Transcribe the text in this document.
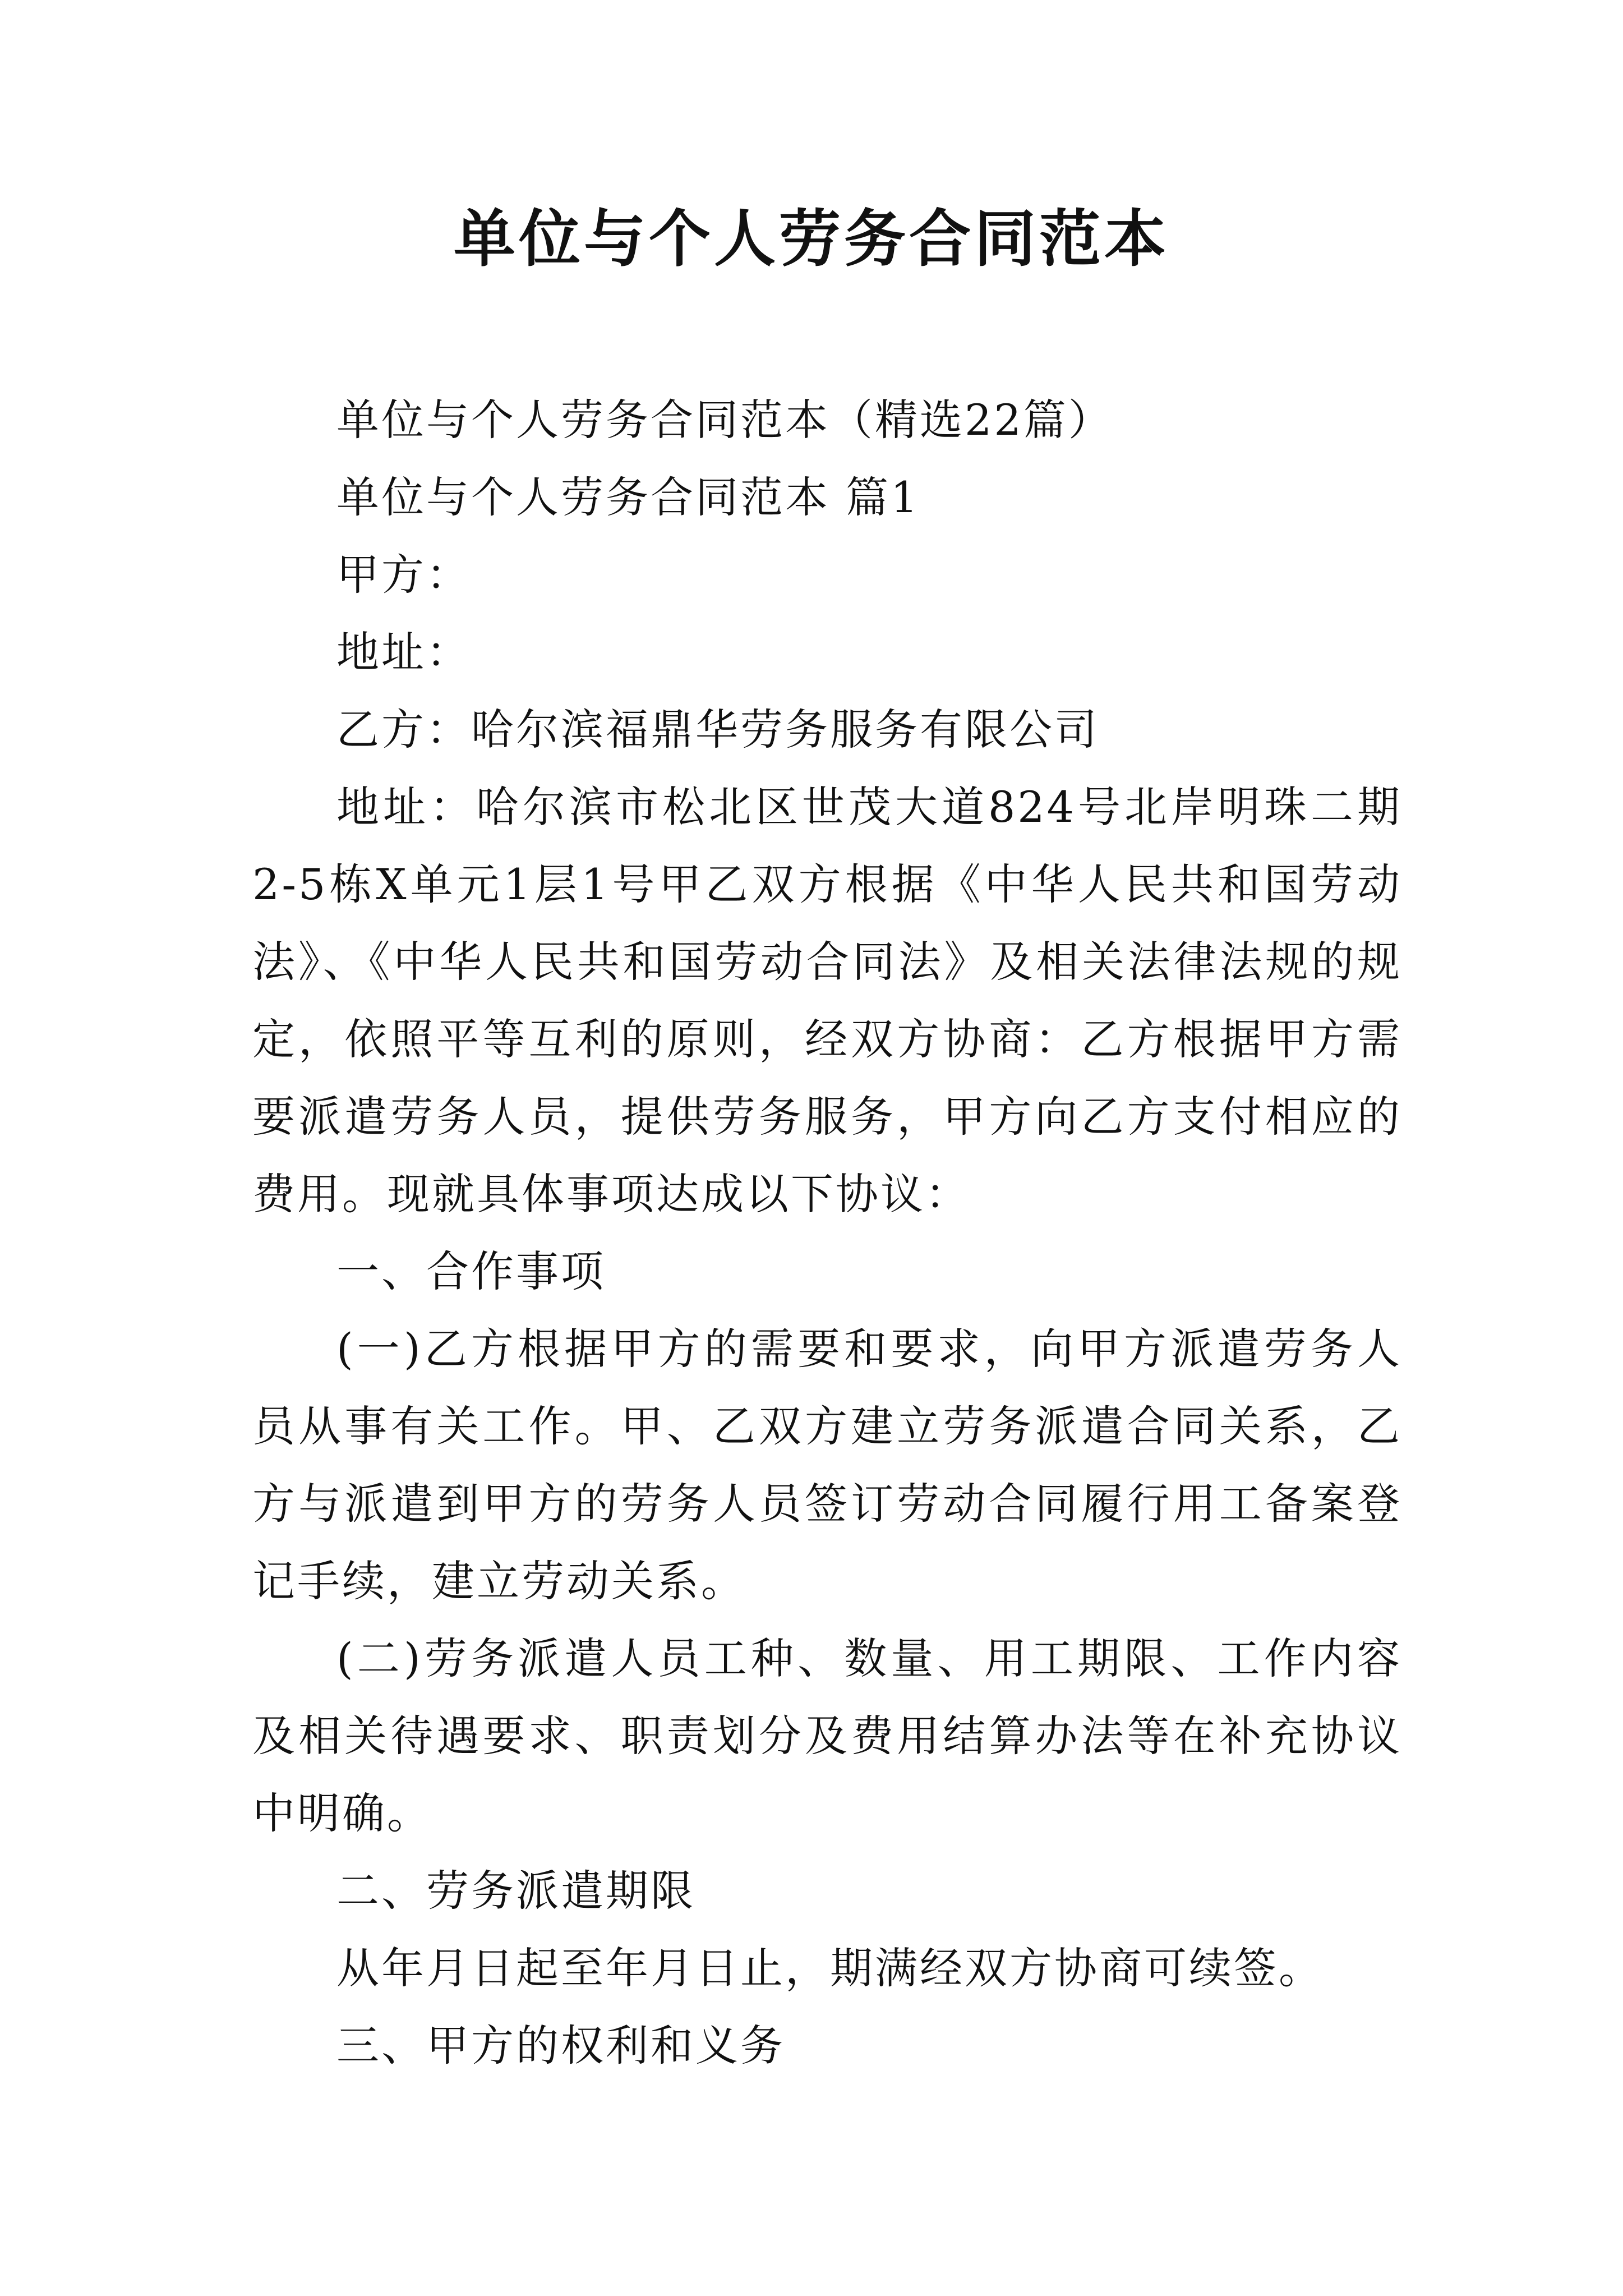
单位与个人劳务合同范本

单位与个人劳务合同范本（精选22篇）

单位与个人劳务合同范本 篇1

甲方：

地址：

乙方：哈尔滨福鼎华劳务服务有限公司

地址：哈尔滨市松北区世茂大道824号北岸明珠二期2-5栋X单元1层1号甲乙双方根据《中华人民共和国劳动法》、《中华人民共和国劳动合同法》及相关法律法规的规定，依照平等互利的原则，经双方协商：乙方根据甲方需要派遣劳务人员，提供劳务服务，甲方向乙方支付相应的费用。现就具体事项达成以下协议：

一、合作事项

(一)乙方根据甲方的需要和要求，向甲方派遣劳务人员从事有关工作。甲、乙双方建立劳务派遣合同关系，乙方与派遣到甲方的劳务人员签订劳动合同履行用工备案登记手续，建立劳动关系。

(二)劳务派遣人员工种、数量、用工期限、工作内容及相关待遇要求、职责划分及费用结算办法等在补充协议中明确。

二、劳务派遣期限

从年月日起至年月日止，期满经双方协商可续签。

三、甲方的权利和义务
